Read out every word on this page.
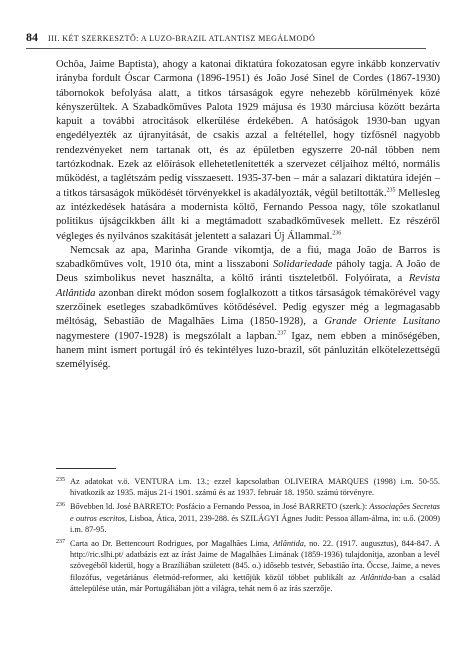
84 III. KÉT SZERKESZTŐ: A LUZO-BRAZIL ATLANTISZ MEGÁLMODÓ

Ochôa, Jaime Baptista), ahogy a katonai diktatúra fokozatosan egyre inkább konzervatív irányba fordult Óscar Carmona (1896-1951) és João José Sinel de Cordes (1867-1930) tábornokok befolyása alatt, a titkos társaságok egyre nehezebb körülmények közé kényszerültek. A Szabadkőműves Palota 1929 májusa és 1930 márciusa között bezárta kapuit a további atrocitások elkerülése érdekében. A hatóságok 1930-ban ugyan engedélyezték az újranyitását, de csakis azzal a feltétellel, hogy tízfősnél nagyobb rendezvényeket nem tartanak ott, és az épületben egyszerre 20-nál többen nem tartózkodnak. Ezek az előírások ellehetetlenítették a szervezet céljaihoz méltó, normális működést, a taglétszám pedig visszaesett. 1935-37-ben – már a salazari diktatúra idején – a titkos társaságok működését törvényekkel is akadályozták, végül betiltották.$^{235}$ Mellesleg az intézkedések hatására a modernista költő, Fernando Pessoa nagy, tőle szokatlanul politikus újságcikkben állt ki a megtámadott szabadkőművesek mellett. Ez részéről végleges és nyilvános szakítását jelentett a salazari Új Állammal.$^{236}$

Nemcsak az apa, Marinha Grande vikomtja, de a fiú, maga João de Barros is szabadkőműves volt, 1910 óta, mint a lisszaboni Solidariedade páholy tagja. A João de Deus szimbolikus nevet használta, a költő iránti tiszteletből. Folyóirata, a Revista Atlântida azonban direkt módon sosem foglalkozott a titkos társaságok témakörével vagy szerzőinek esetleges szabadkőműves kötődésével. Pedig egyszer még a legmagasabb méltóság, Sebastião de Magalhães Lima (1850-1928), a Grande Oriente Lusitano nagymestere (1907-1928) is megszólalt a lapban.$^{237}$ Igaz, nem ebben a minőségében, hanem mint ismert portugál író és tekintélyes luzo-brazil, sőt pánluzitán elkötelezettségű személyiség.

235 Az adatokat v.ö. VENTURA i.m. 13.; ezzel kapcsolatban OLIVEIRA MARQUES (1998) i.m. 50-55. hivatkozik az 1935. május 21-i 1901. számú és az 1937. február 18. 1950. számú törvényre.
236 Bővebben ld. José BARRETO: Posfácio a Fernando Pessoa, in José BARRETO (szerk.): Associações Secretas e outros escritos, Lisboa, Ática, 2011, 239-288. és SZILÁGYI Ágnes Judit: Pessoa állam-álma, in: u.ő. (2009) i.m. 87-95.
237 Carta ao Dr. Bettencourt Rodrigues, por Magalhães Lima, Atlântida, no. 22. (1917. augusztus), 844-847. A http://ric.slhi.pt/ adatbázis ezt az írást Jaime de Magalhães Limának (1859-1936) tulajdonítja, azonban a levél szövegéből kiderül, hogy a Brazíliában született (845. o.) idősebb testvér, Sebastião írta. Öccse, Jaime, a neves filozófus, vegetáriánus életmód-reformer, aki kettőjük közül többet publikált az Atlântida-ban a család áttelepülése után, már Portugáliában jött a világra, tehát nem ő az írás szerzője.
